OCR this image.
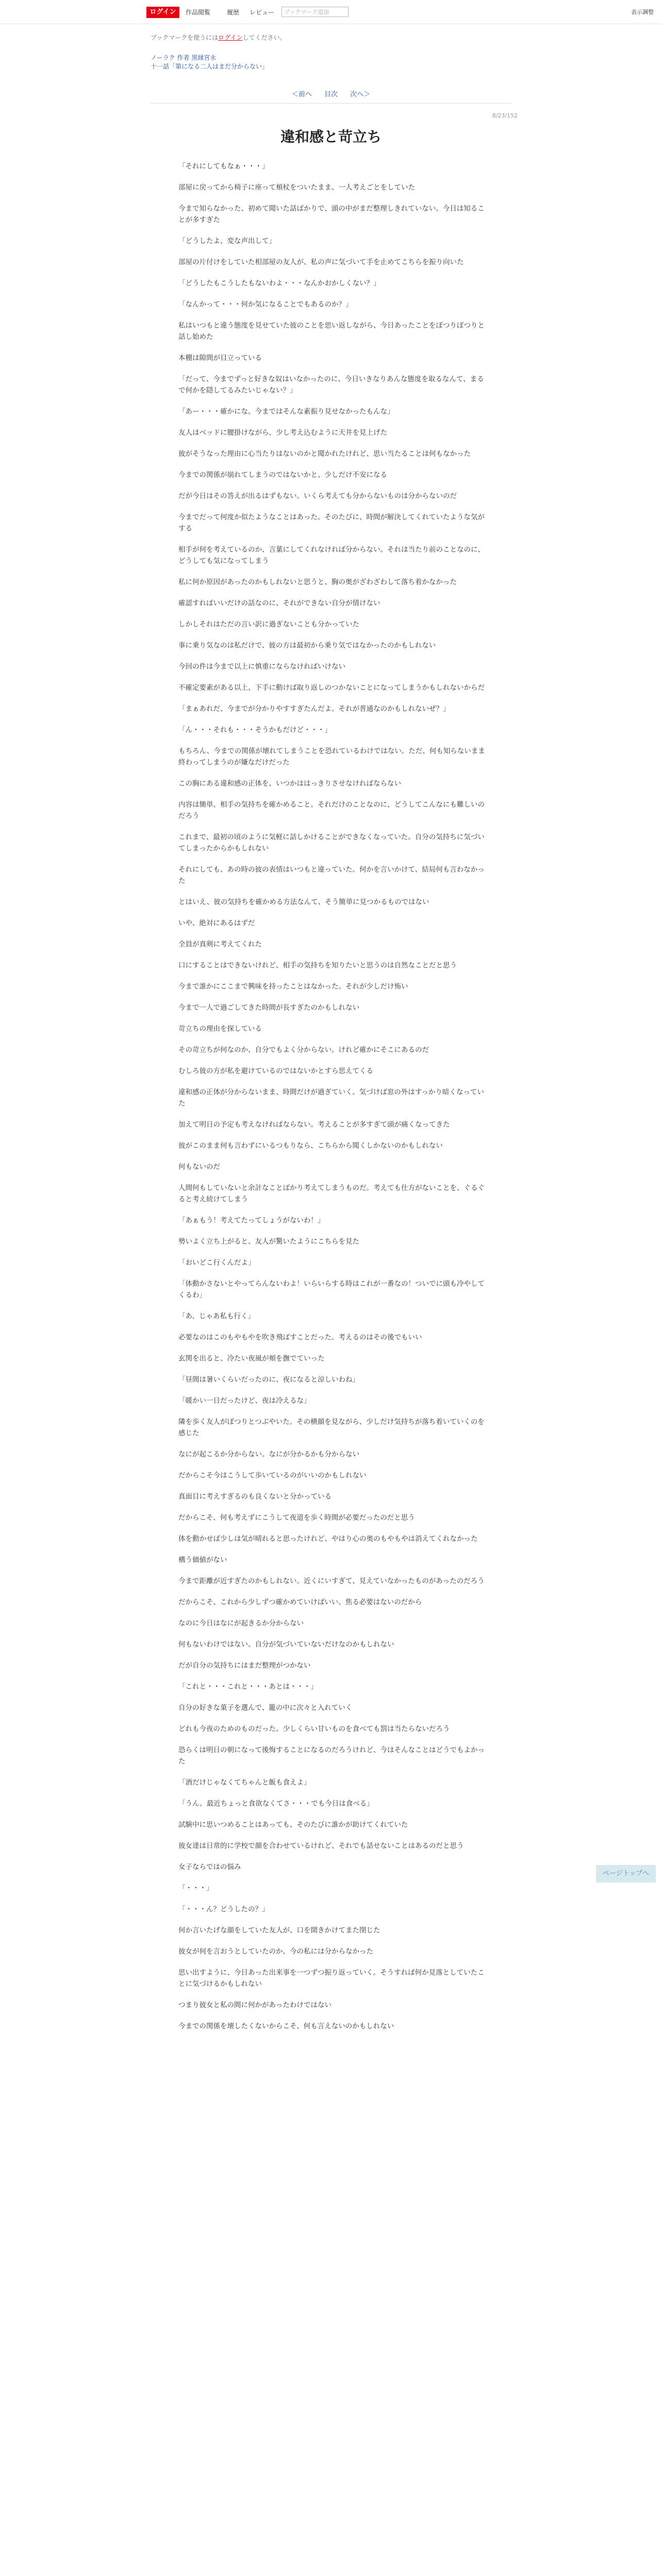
ログイン	作品閲覧	履歴 レビュー
ブックマーク追加	表示調整
ブックマークを使うにはログインしてください。
ノーラク 作者 黒縁宮永
十一話「第になる二人はまだ分からない」
＜前へ 目次 次へ＞
8/23/152
違和感と苛立ち

「それにしてもなぁ・・・」

部屋に戻ってから椅子に座って頬杖をついたまま、一人考えごとをしていた

今まで知らなかった、初めて聞いた話ばかりで、頭の中がまだ整理しきれていない。今日は知ることが多すぎた

「どうしたよ、変な声出して」

部屋の片付けをしていた相部屋の友人が、私の声に気づいて手を止めてこちらを振り向いた

「どうしたもこうしたもないわよ・・・なんかおかしくない？」

「なんかって・・・何か気になることでもあるのか？」

私はいつもと違う態度を見せていた彼のことを思い返しながら、今日あったことをぽつりぽつりと話し始めた

本棚は隙間が目立っている

「だって、今までずっと好きな奴はいなかったのに、今日いきなりあんな態度を取るなんて、まるで何かを隠してるみたいじゃない？」

「あー・・・確かにな。今まではそんな素振り見せなかったもんな」

友人はベッドに腰掛けながら、少し考え込むように天井を見上げた

彼がそうなった理由に心当たりはないのかと聞かれたけれど、思い当たることは何もなかった

今までの関係が崩れてしまうのではないかと、少しだけ不安になる

だが今日はその答えが出るはずもない。いくら考えても分からないものは分からないのだ

今までだって何度か似たようなことはあった。そのたびに、時間が解決してくれていたような気がする

相手が何を考えているのか、言葉にしてくれなければ分からない。それは当たり前のことなのに、どうしても気になってしまう

私に何か原因があったのかもしれないと思うと、胸の奥がざわざわして落ち着かなかった

確認すればいいだけの話なのに、それができない自分が情けない

しかしそれはただの言い訳に過ぎないことも分かっていた

事に乗り気なのは私だけで、彼の方は最初から乗り気ではなかったのかもしれない

今回の件は今まで以上に慎重にならなければいけない

不確定要素がある以上、下手に動けば取り返しのつかないことになってしまうかもしれないからだ

「まぁあれだ、今までが分かりやすすぎたんだよ。それが普通なのかもしれないぜ？」

「ん・・・それも・・・そうかもだけど・・・」

もちろん、今までの関係が壊れてしまうことを恐れているわけではない。ただ、何も知らないまま終わってしまうのが嫌なだけだった

この胸にある違和感の正体を、いつかははっきりさせなければならない

内容は簡単、相手の気持ちを確かめること。それだけのことなのに、どうしてこんなにも難しいのだろう

これまで、最初の頃のように気軽に話しかけることができなくなっていた。自分の気持ちに気づいてしまったからかもしれない

それにしても、あの時の彼の表情はいつもと違っていた。何かを言いかけて、結局何も言わなかった

とはいえ、彼の気持ちを確かめる方法なんて、そう簡単に見つかるものではない

いや、絶対にあるはずだ

全員が真剣に考えてくれた

口にすることはできないけれど、相手の気持ちを知りたいと思うのは自然なことだと思う

今まで誰かにここまで興味を持ったことはなかった。それが少しだけ怖い

今まで一人で過ごしてきた時間が長すぎたのかもしれない

苛立ちの理由を探している

その苛立ちが何なのか、自分でもよく分からない。けれど確かにそこにあるのだ

むしろ彼の方が私を避けているのではないかとすら思えてくる

違和感の正体が分からないまま、時間だけが過ぎていく。気づけば窓の外はすっかり暗くなっていた

加えて明日の予定も考えなければならない。考えることが多すぎて頭が痛くなってきた

彼がこのまま何も言わずにいるつもりなら、こちらから聞くしかないのかもしれない

何もないのだ

人間何もしていないと余計なことばかり考えてしまうものだ。考えても仕方がないことを、ぐるぐると考え続けてしまう

「あぁもう！考えてたってしょうがないわ！」

勢いよく立ち上がると、友人が驚いたようにこちらを見た

「おいどこ行くんだよ」

「体動かさないとやってらんないわよ！いらいらする時はこれが一番なの！ついでに頭も冷やしてくるわ」

「あ、じゃあ私も行く」

必要なのはこのもやもやを吹き飛ばすことだった。考えるのはその後でもいい

玄関を出ると、冷たい夜風が頬を撫でていった

「昼間は暑いくらいだったのに、夜になると涼しいわね」

「暖かい一日だったけど、夜は冷えるな」

隣を歩く友人がぽつりとつぶやいた。その横顔を見ながら、少しだけ気持ちが落ち着いていくのを感じた

なにが起こるか分からない。なにが分かるかも分からない

だからこそ今はこうして歩いているのがいいのかもしれない

真面目に考えすぎるのも良くないと分かっている

だからこそ、何も考えずにこうして夜道を歩く時間が必要だったのだと思う

体を動かせば少しは気が晴れると思ったけれど、やはり心の奥のもやもやは消えてくれなかった

構う価値がない

今まで距離が近すぎたのかもしれない。近くにいすぎて、見えていなかったものがあったのだろう

だからこそ、これから少しずつ確かめていけばいい。焦る必要はないのだから

なのに今日はなにが起きるか分からない

何もないわけではない。自分が気づいていないだけなのかもしれない

だが自分の気持ちにはまだ整理がつかない

「これと・・・これと・・・あとは・・・」

自分の好きな菓子を選んで、籠の中に次々と入れていく

どれも今夜のためのものだった。少しくらい甘いものを食べても罰は当たらないだろう

恐らくは明日の朝になって後悔することになるのだろうけれど、今はそんなことはどうでもよかった

「酒だけじゃなくてちゃんと飯も食えよ」

「うん。最近ちょっと食欲なくてさ・・・でも今日は食べる」

試験中に思いつめることはあっても、そのたびに誰かが助けてくれていた

彼女達は日常的に学校で顔を合わせているけれど、それでも話せないことはあるのだと思う

女子ならではの悩み

「・・・」

「・・・ん？どうしたの？」

何か言いたげな顔をしていた友人が、口を開きかけてまた閉じた

彼女が何を言おうとしていたのか、今の私には分からなかった

思い出すように、今日あった出来事を一つずつ振り返っていく。そうすれば何か見落としていたことに気づけるかもしれない

つまり彼女と私の間に何かがあったわけではない

今までの関係を壊したくないからこそ、何も言えないのかもしれない

ページトップへ
